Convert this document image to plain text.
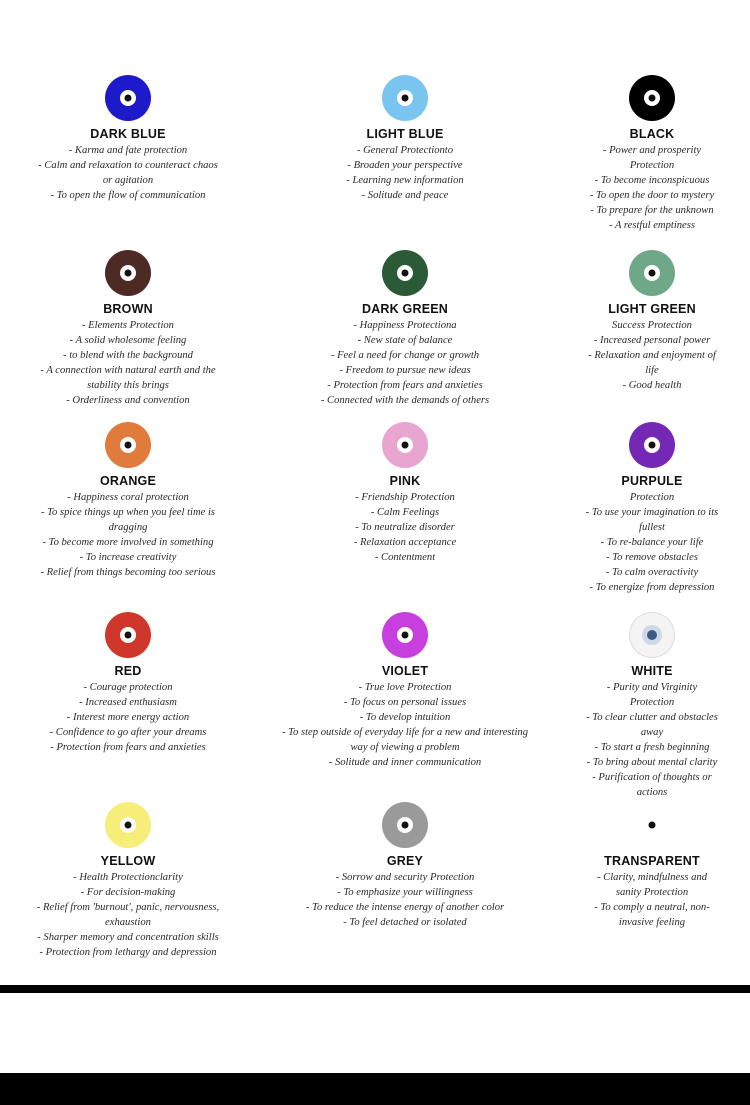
DARK BLUE
- Karma and fate protection
- Calm and relaxation to counteract chaos
or agitation
- To open the flow of communication
LIGHT BLUE
- General Protectionto
- Broaden your perspective
- Learning new information
- Solitude and peace
BLACK
- Power and prosperity
Protection
- To become inconspicuous
- To open the door to mystery
- To prepare for the unknown
- A restful emptiness
BROWN
- Elements Protection
- A solid wholesome feeling
- to blend with the background
- A connection with natural earth and the
stability this brings
- Orderliness and convention
DARK GREEN
- Happiness Protectiona
- New state of balance
- Feel a need for change or growth
- Freedom to pursue new ideas
- Protection from fears and anxieties
- Connected with the demands of others
LIGHT GREEN
Success Protection
- Increased personal power
- Relaxation and enjoyment of
life
- Good health
ORANGE
- Happiness coral protection
- To spice things up when you feel time is
dragging
- To become more involved in something
- To increase creativity
- Relief from things becoming too serious
PINK
- Friendship Protection
- Calm Feelings
- To neutralize disorder
- Relaxation acceptance
- Contentment
PURPULE
Protection
- To use your imagination to its
fullest
- To re-balance your life
- To remove obstacles
- To calm overactivity
- To energize from depression
RED
- Courage protection
- Increased enthusiasm
- Interest more energy action
- Confidence to go after your dreams
- Protection from fears and anxieties
VIOLET
- True love Protection
- To focus on personal issues
- To develop intuition
- To step outside of everyday life for a new and interesting
way of viewing a problem
- Solitude and inner communication
WHITE
- Purity and Virginity
Protection
- To clear clutter and obstacles
away
- To start a fresh beginning
- To bring about mental clarity
- Purification of thoughts or
actions
YELLOW
- Health Protectionclarity
- For decision-making
- Relief from 'burnout', panic, nervousness,
exhaustion
- Sharper memory and concentration skills
- Protection from lethargy and depression
GREY
- Sorrow and security Protection
- To emphasize your willingness
- To reduce the intense energy of another color
- To feel detached or isolated
TRANSPARENT
- Clarity, mindfulness and
sanity Protection
- To comply a neutral, non-
invasive feeling
